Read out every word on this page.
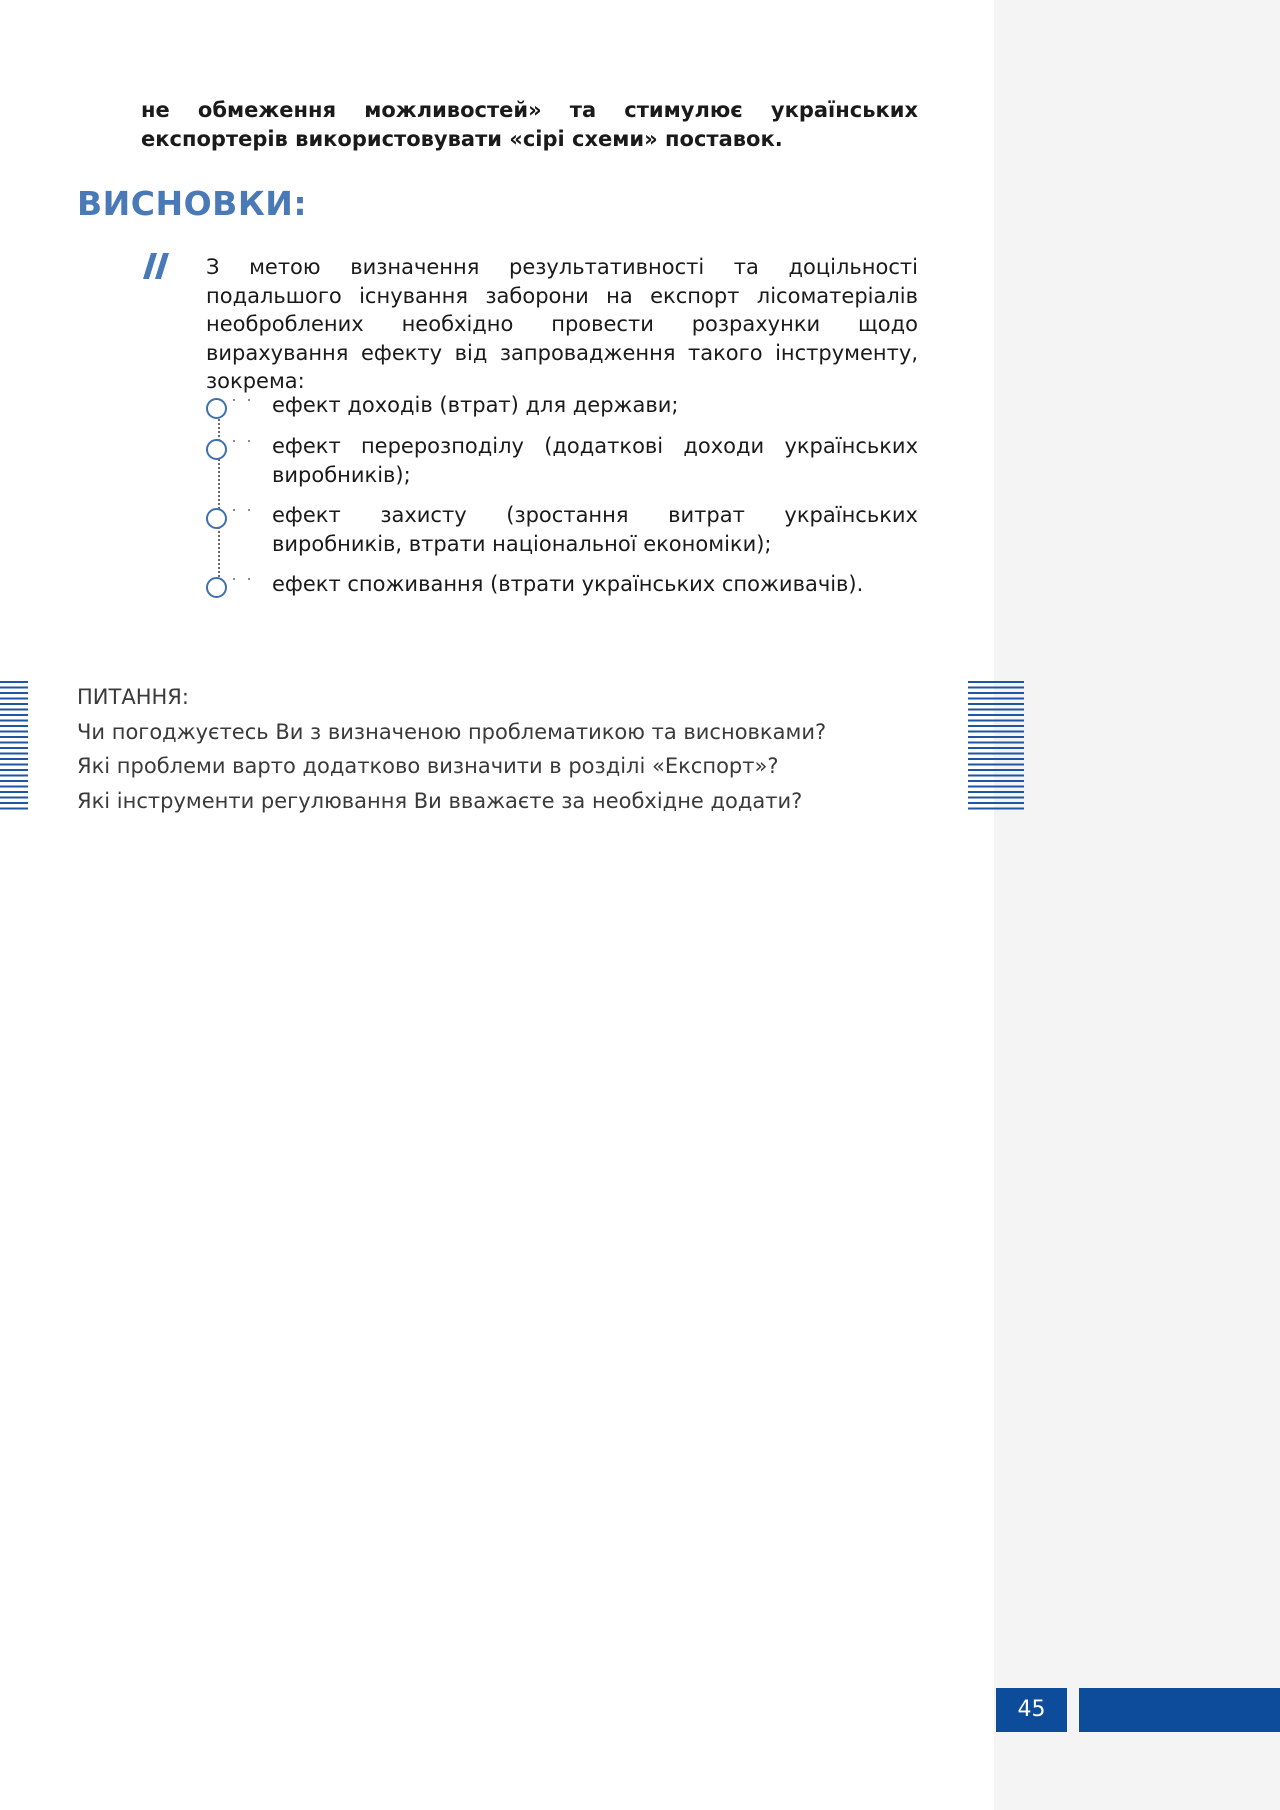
не обмеження можливостей» та стимулює українських експортерів використовувати «сірі схеми» поставок.

ВИСНОВКИ:

З метою визначення результативності та доцільності подальшого існування заборони на експорт лісоматеріалів необроблених необхідно провести розрахунки щодо вирахування ефекту від запровадження такого інструменту, зокрема:

ефект доходів (втрат) для держави;
ефект перерозподілу (додаткові доходи українських виробників);
ефект захисту (зростання витрат українських виробників, втрати національної економіки);
ефект споживання (втрати українських споживачів).
ПИТАННЯ:
Чи погоджуєтесь Ви з визначеною проблематикою та висновками?
Які проблеми варто додатково визначити в розділі «Експорт»?
Які інструменти регулювання Ви вважаєте за необхідне додати?
45
